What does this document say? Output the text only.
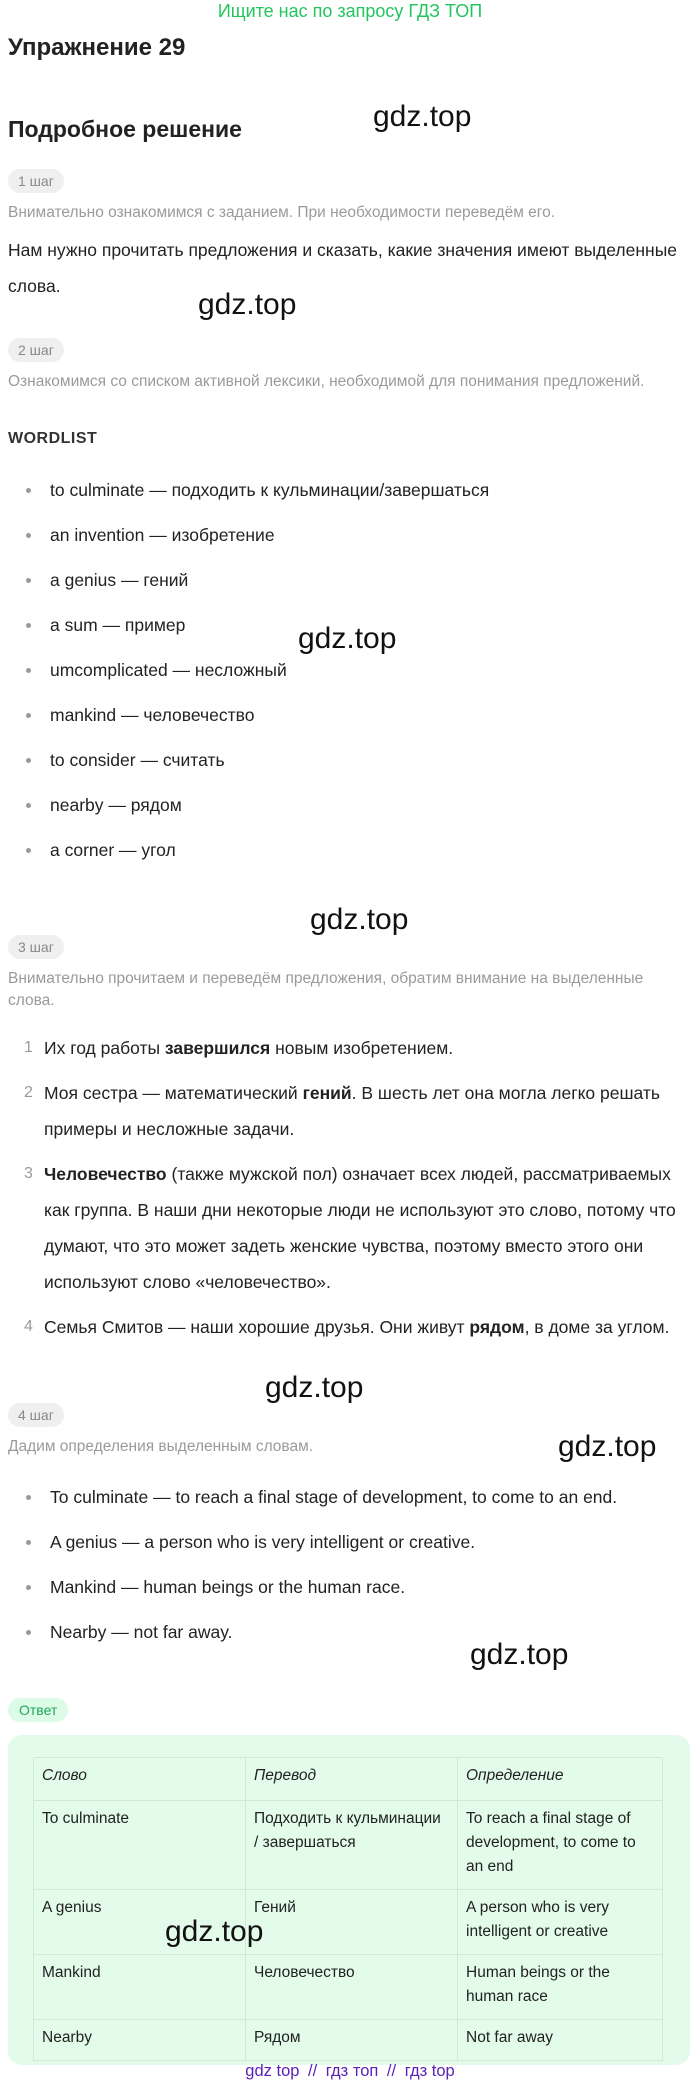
Ищите нас по запросу ГДЗ ТОП
Упражнение 29
Подробное решение	gdz.top
gdz.top
gdz.top
gdz.top
gdz.top
gdz.top
gdz.top
1 шаг
Внимательно ознакомимся с заданием. При необходимости переведём его.
Нам нужно прочитать предложения и сказать, какие значения имеют выделенные слова.
2 шаг
Ознакомимся со списком активной лексики, необходимой для понимания предложений.
WORDLIST
to culminate — подходить к кульминации/завершаться
an invention — изобретение
a genius — гений
a sum — пример
umcomplicated — несложный
mankind — человечество
to consider — считать
nearby — рядом
a corner — угол
3 шаг
Внимательно прочитаем и переведём предложения, обратим внимание на выделенные слова.
1 Их год работы завершился новым изобретением.
2 Моя сестра — математический гений. В шесть лет она могла легко решать примеры и несложные задачи.
3 Человечество (также мужской пол) означает всех людей, рассматриваемых как группа. В наши дни некоторые люди не используют это слово, потому что думают, что это может задеть женские чувства, поэтому вместо этого они используют слово «человечество».
4 Семья Смитов — наши хорошие друзья. Они живут рядом, в доме за углом.
4 шаг
Дадим определения выделенным словам.
To culminate — to reach a final stage of development, to come to an end.
A genius — a person who is very intelligent or creative.
Mankind — human beings or the human race.
Nearby — not far away.
Ответ
Слово	Перевод	Определение
To culminate	Подходить к кульминации / завершаться	To reach a final stage of development, to come to an end
A genius	Гений	A person who is very intelligent or creative
Mankind	Человечество	Human beings or the human race
Nearby	Рядом	Not far away
gdz.top
gdz top // гдз топ // гдз top
